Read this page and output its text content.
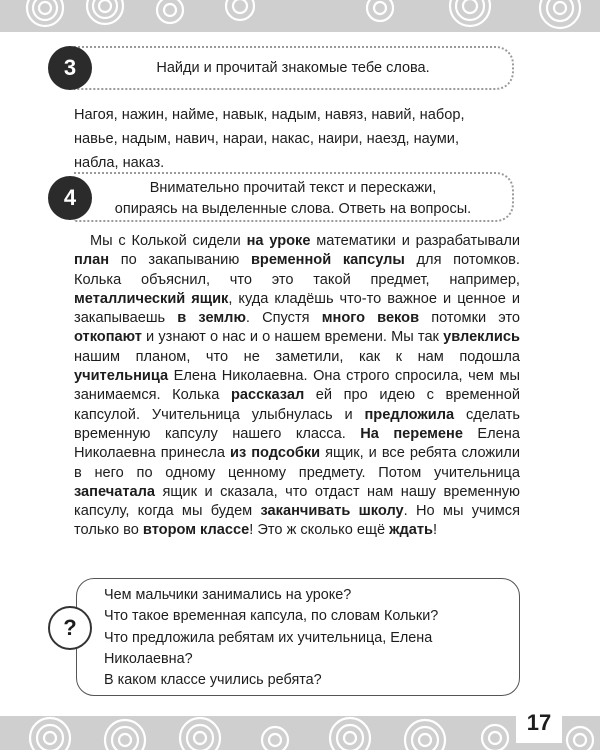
Найди и прочитай знакомые тебе слова.
3
Нагоя, нажин, найме, навык, надым, навяз, навий, набор,
навье, надым, навич, нараи, накас, наири, наезд, науми,
набла, наказ.
Внимательно прочитай текст и перескажи,
опираясь на выделенные слова. Ответь на вопросы.
4

Мы с Колькой сидели на уроке математики и разрабатывали план по закапыванию временной капсулы для потомков. Колька объяснил, что это такой предмет, например, металлический ящик, куда кладёшь что-то важное и ценное и закапываешь в землю. Спустя много веков потомки это откопают и узнают о нас и о нашем времени. Мы так увлеклись нашим планом, что не заметили, как к нам подошла учительница Елена Николаевна. Она строго спросила, чем мы занимаемся. Колька рассказал ей про идею с временной капсулой. Учительница улыбнулась и предложила сделать временную капсулу нашего класса. На перемене Елена Николаевна принесла из подсобки ящик, и все ребята сложили в него по одному ценному предмету. Потом учительница запечатала ящик и сказала, что отдаст нам нашу временную капсулу, когда мы будем заканчивать школу. Но мы учимся только во втором классе! Это ж сколько ещё ждать!

?
Чем мальчики занимались на уроке?
Что такое временная капсула, по словам Кольки?
Что предложила ребятам их учительница, Елена
Николаевна?
В каком классе учились ребята?
17
